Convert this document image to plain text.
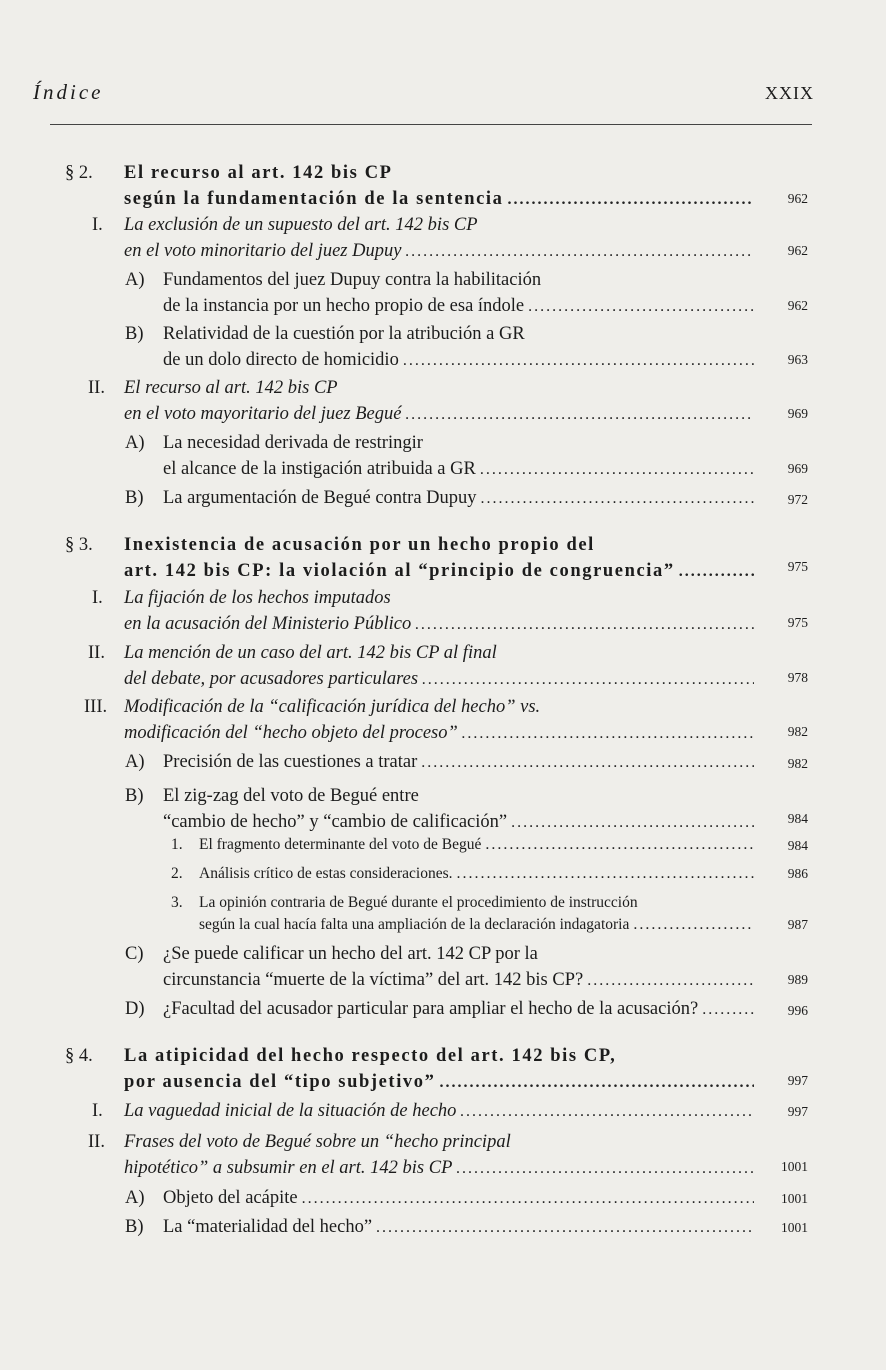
Índice	XXIX
§ 2. El recurso al art. 142 bis CP
según la fundamentación de la sentencia .....	962
I. La exclusión de un supuesto del art. 142 bis CP
en el voto minoritario del juez Dupuy .....	962
A) Fundamentos del juez Dupuy contra la habilitación
de la instancia por un hecho propio de esa índole .....	962
B) Relatividad de la cuestión por la atribución a GR
de un dolo directo de homicidio .....	963
II. El recurso al art. 142 bis CP
en el voto mayoritario del juez Begué .....	969
A) La necesidad derivada de restringir
el alcance de la instigación atribuida a GR .....	969
B) La argumentación de Begué contra Dupuy .....	972
§ 3. Inexistencia de acusación por un hecho propio del
art. 142 bis CP: la violación al “principio de congruencia” .....	975
I. La fijación de los hechos imputados
en la acusación del Ministerio Público .....	975
II. La mención de un caso del art. 142 bis CP al final
del debate, por acusadores particulares .....	978
III. Modificación de la “calificación jurídica del hecho” vs.
modificación del “hecho objeto del proceso” .....	982
A) Precisión de las cuestiones a tratar .....	982
B) El zig-zag del voto de Begué entre
“cambio de hecho” y “cambio de calificación” .....	984
1. El fragmento determinante del voto de Begué .....	984
2. Análisis crítico de estas consideraciones. .....	986
3. La opinión contraria de Begué durante el procedimiento de instrucción
según la cual hacía falta una ampliación de la declaración indagatoria .....	987
C) ¿Se puede calificar un hecho del art. 142 CP por la
circunstancia “muerte de la víctima” del art. 142 bis CP? .....	989
D) ¿Facultad del acusador particular para ampliar el hecho de la acusación? .....	996
§ 4. La atipicidad del hecho respecto del art. 142 bis CP,
por ausencia del “tipo subjetivo” .....	997
I. La vaguedad inicial de la situación de hecho .....	997
II. Frases del voto de Begué sobre un “hecho principal
hipotético” a subsumir en el art. 142 bis CP .....	1001
A) Objeto del acápite .....	1001
B) La “materialidad del hecho” .....	1001
